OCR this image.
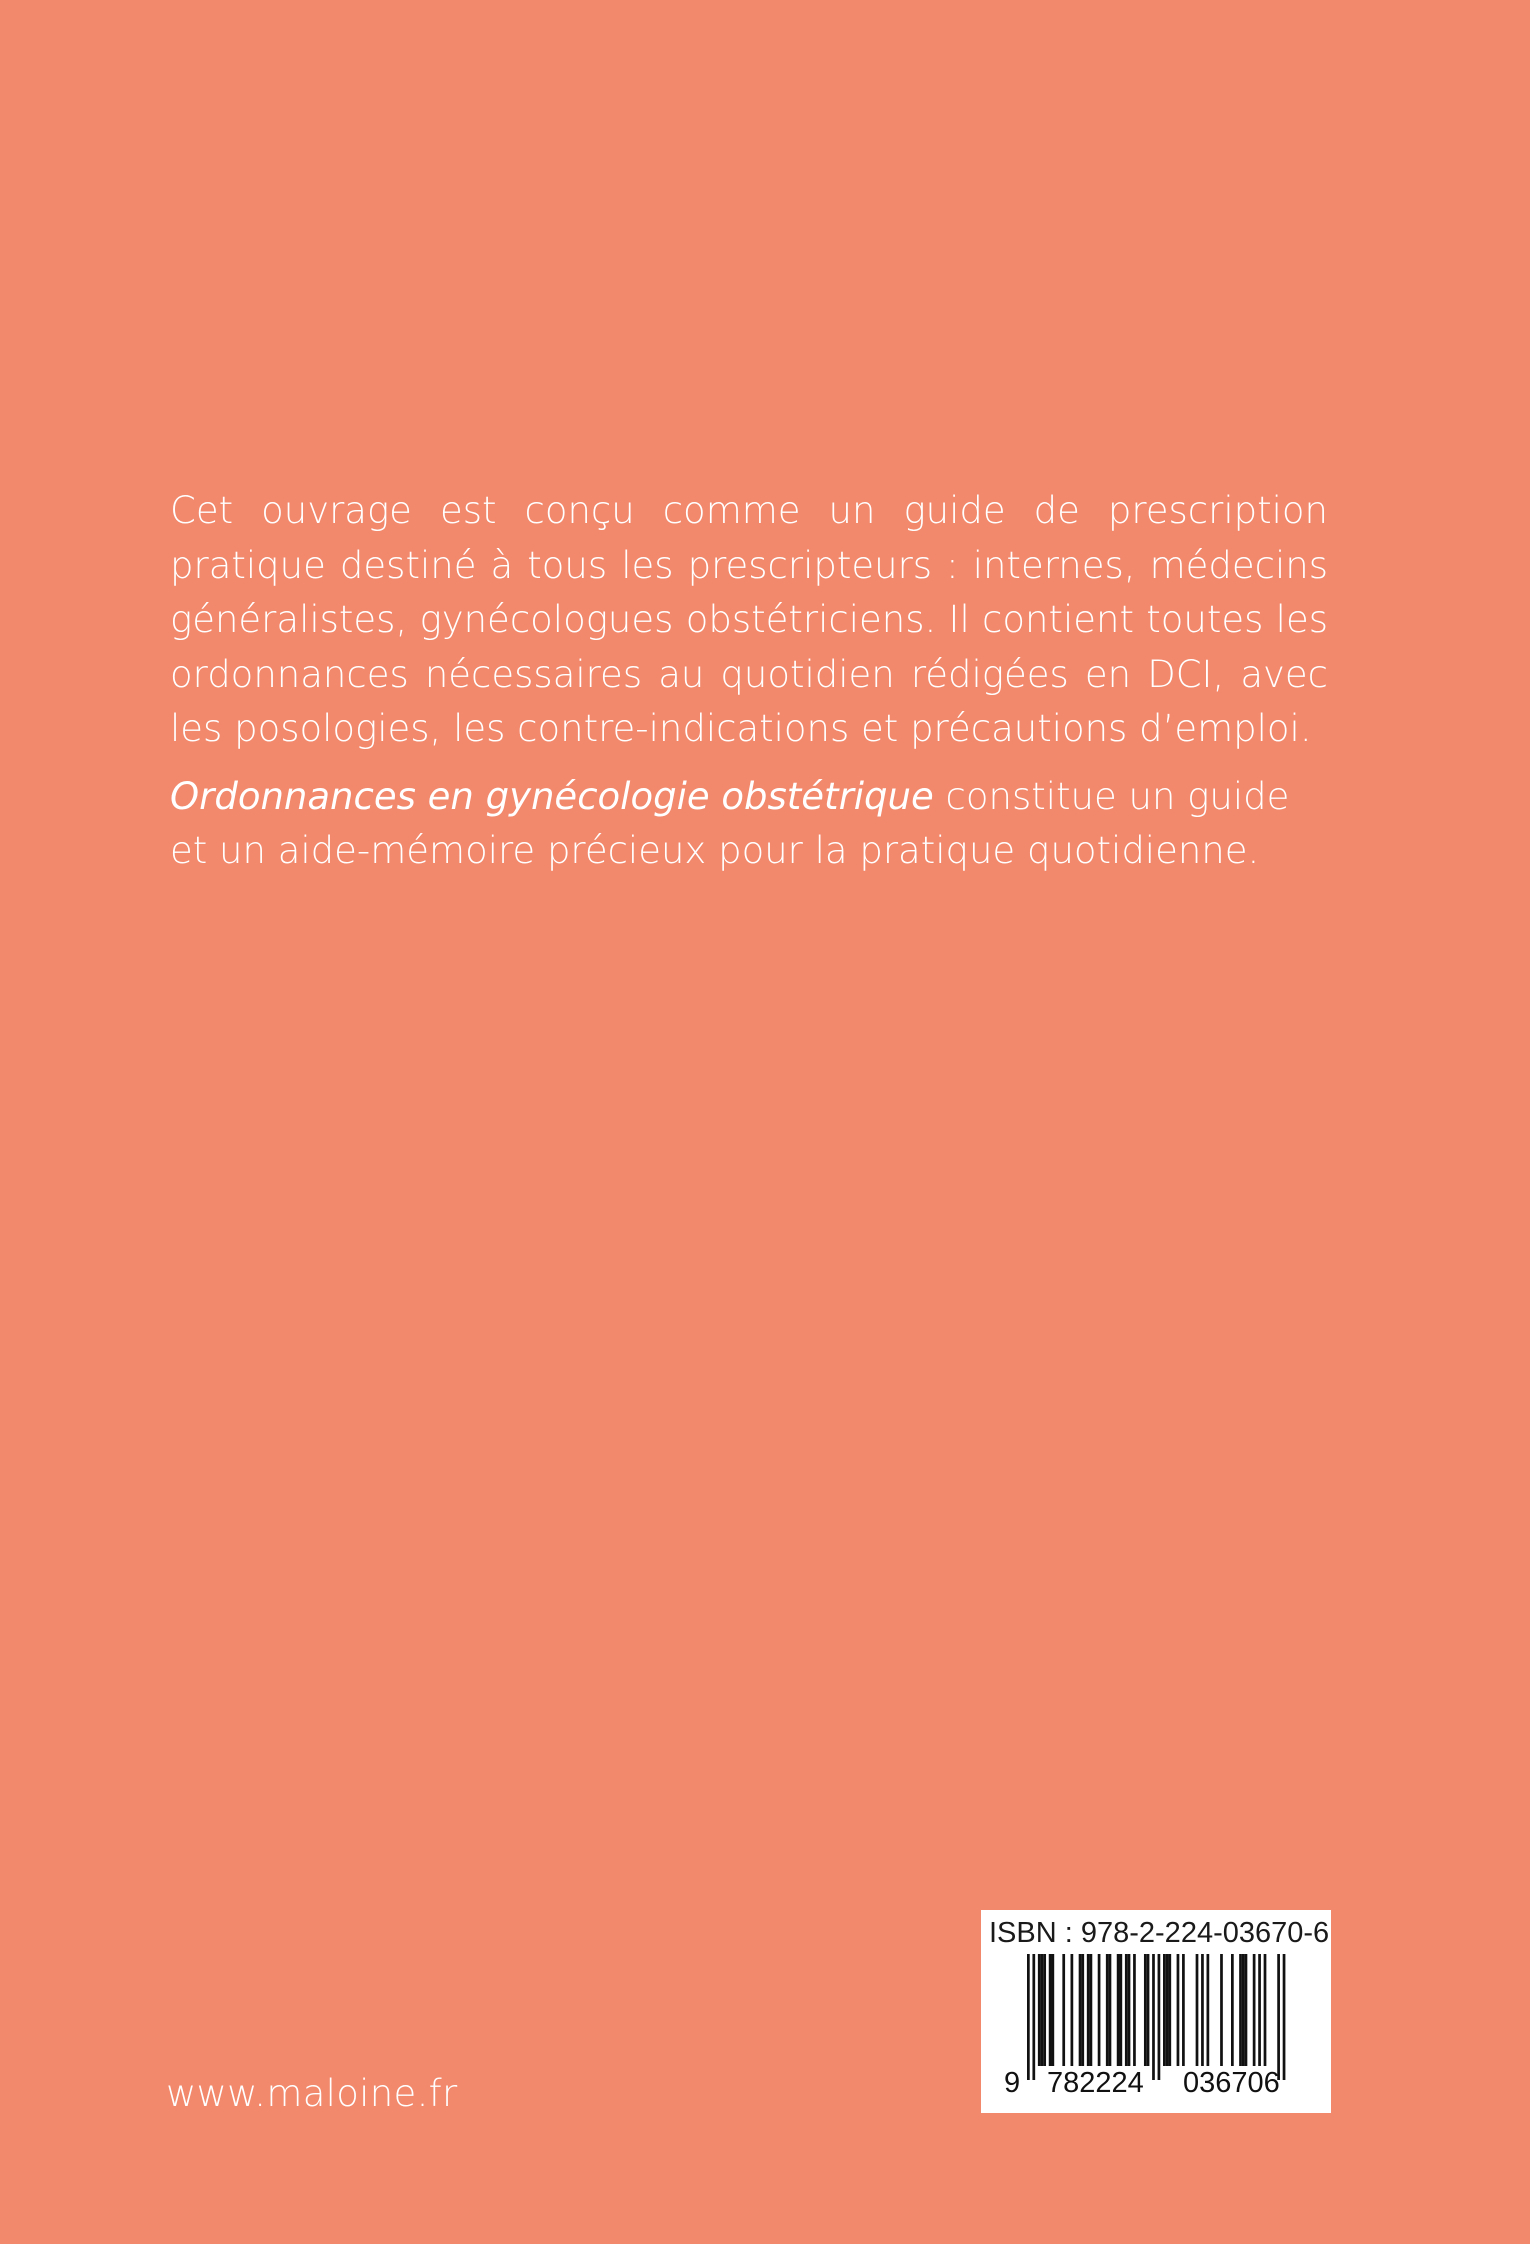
Cet ouvrage est conçu comme un guide de prescription pratique destiné à tous les prescripteurs : internes, médecins généralistes, gynécologues obstétriciens. Il contient toutes les ordonnances nécessaires au quotidien rédigées en DCI, avec les posologies, les contre-indications et précautions d’emploi.

Ordonnances en gynécologie obstétrique constitue un guide et un aide-mémoire précieux pour la pratique quotidienne.

www.maloine.fr
ISBN : 978-2-224-03670-6
9 782224 036706
